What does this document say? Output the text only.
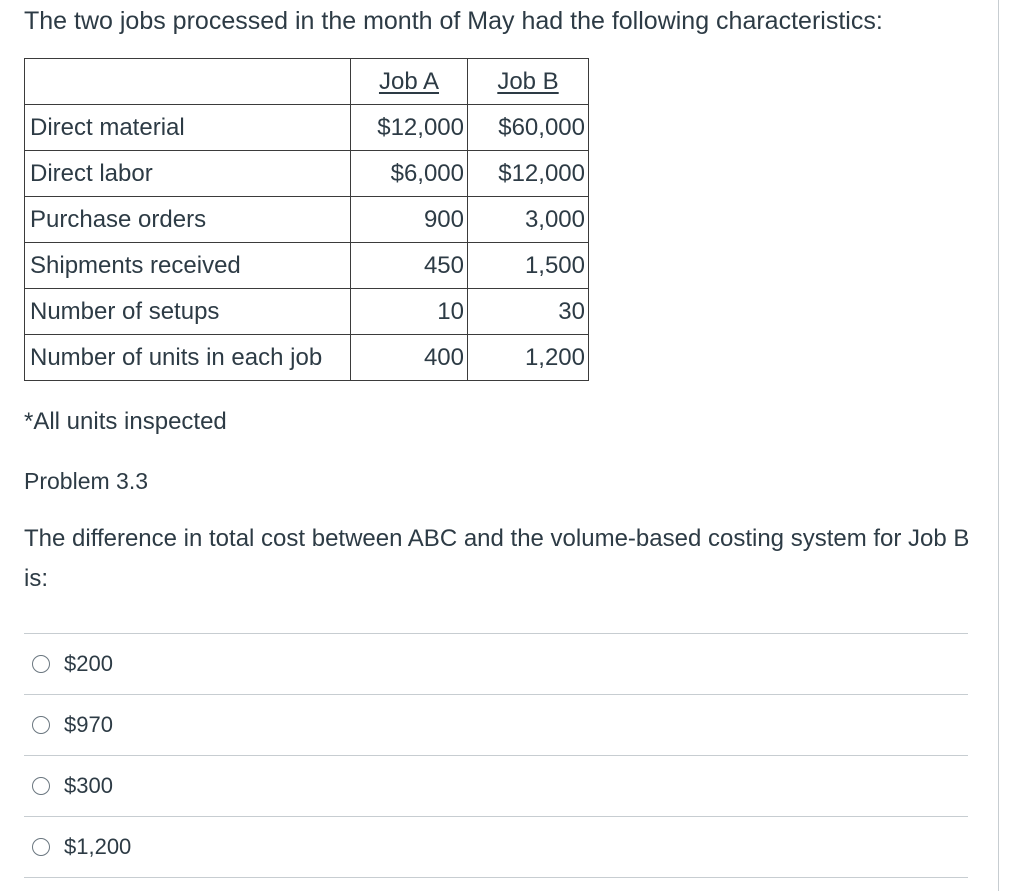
The two jobs processed in the month of May had the following characteristics:
	Job A	Job B
Direct material	$12,000	$60,000
Direct labor	$6,000	$12,000
Purchase orders	900	3,000
Shipments received	450	1,500
Number of setups	10	30
Number of units in each job	400	1,200
*All units inspected
Problem 3.3
The difference in total cost between ABC and the volume-based costing system for Job B is:
$200
$970
$300
$1,200
